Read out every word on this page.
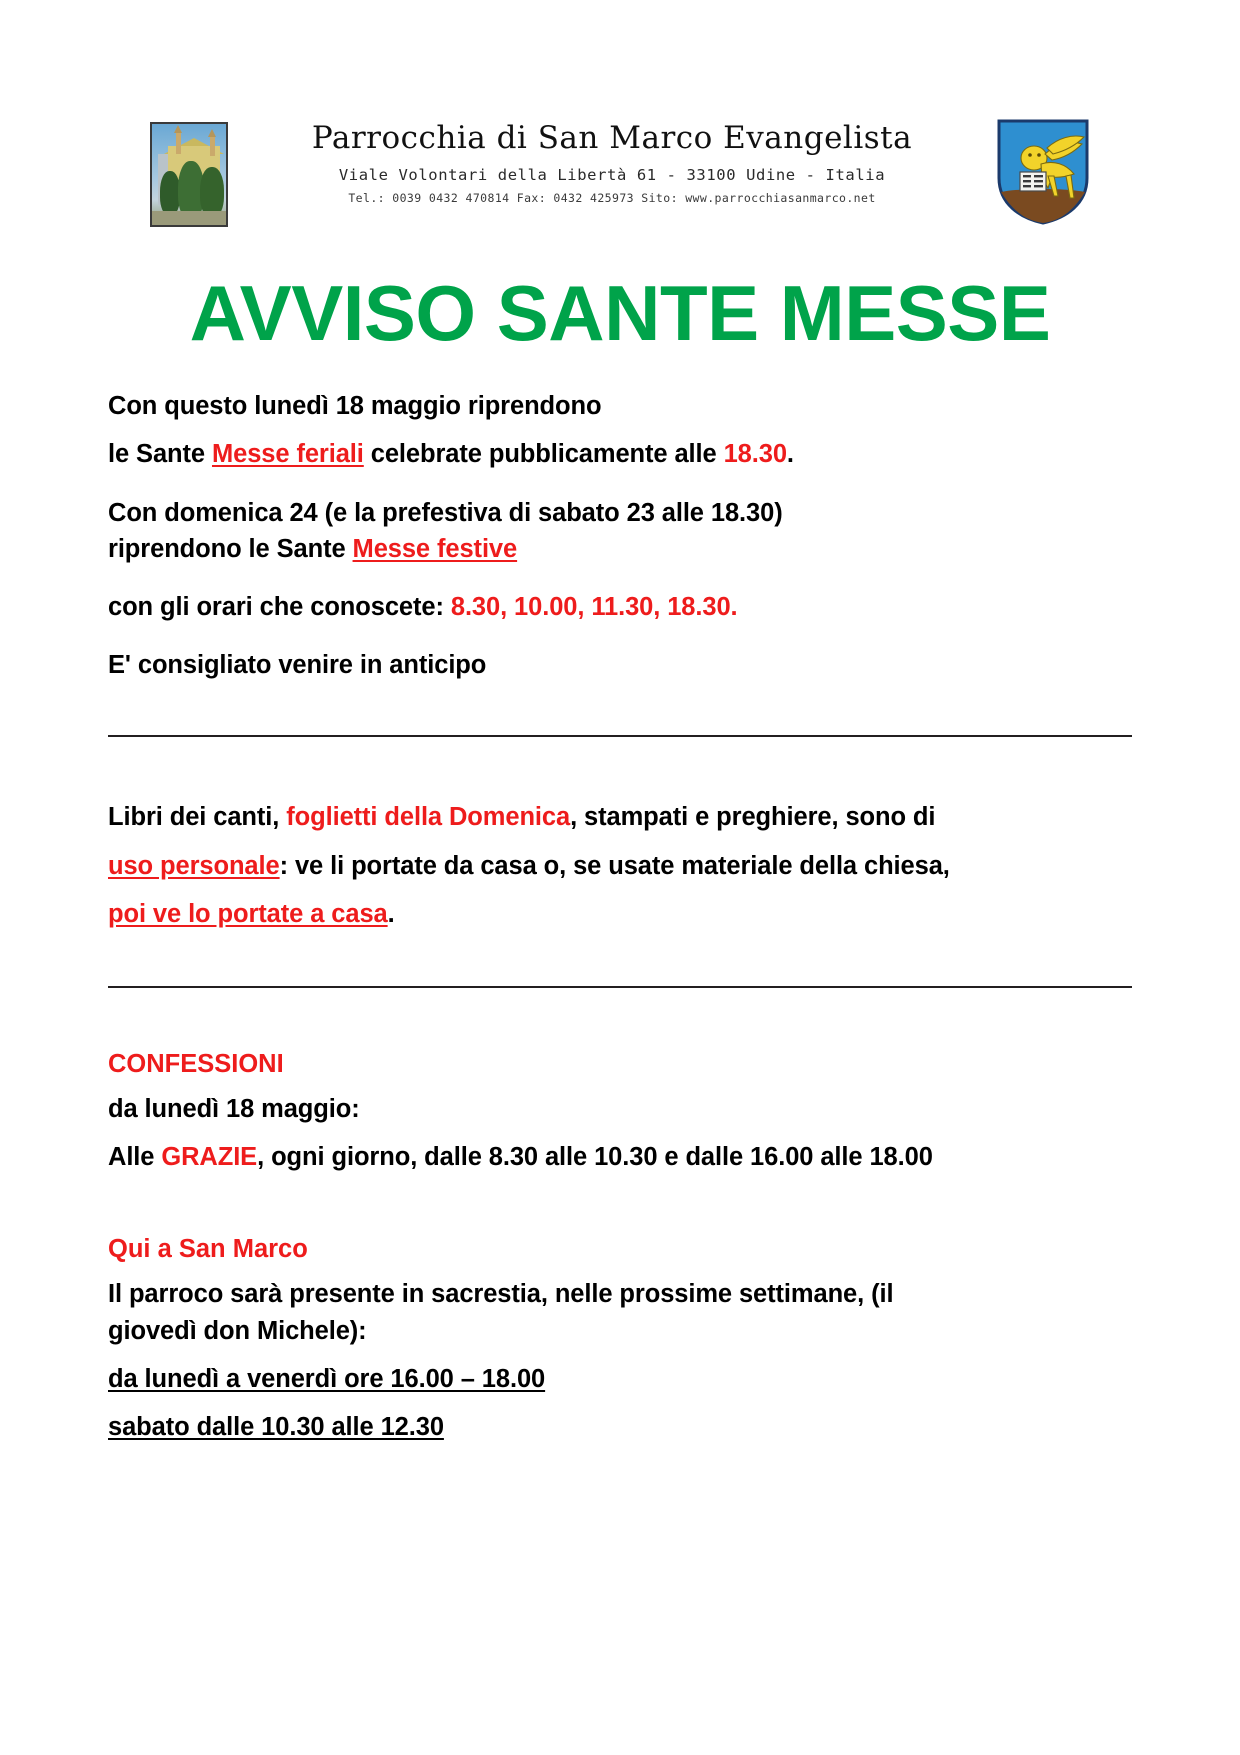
Parrocchia di San Marco Evangelista
Viale Volontari della Libertà 61 - 33100 Udine - Italia
Tel.: 0039 0432 470814 Fax: 0432 425973 Sito: www.parrocchiasanmarco.net
AVVISO SANTE MESSE
Con questo lunedì 18 maggio riprendono
le Sante Messe feriali celebrate pubblicamente alle 18.30.
Con domenica 24 (e la prefestiva di sabato 23 alle 18.30)
riprendono le Sante Messe festive
con gli orari che conoscete: 8.30, 10.00, 11.30, 18.30.
E' consigliato venire in anticipo
Libri dei canti, foglietti della Domenica, stampati e preghiere, sono di
uso personale: ve li portate da casa o, se usate materiale della chiesa,
poi ve lo portate a casa.
CONFESSIONI
da lunedì 18 maggio:
Alle GRAZIE, ogni giorno, dalle 8.30 alle 10.30 e dalle 16.00 alle 18.00
Qui a San Marco
Il parroco sarà presente in sacrestia, nelle prossime settimane, (il
giovedì don Michele):
da lunedì a venerdì ore 16.00 – 18.00
sabato dalle 10.30 alle 12.30
